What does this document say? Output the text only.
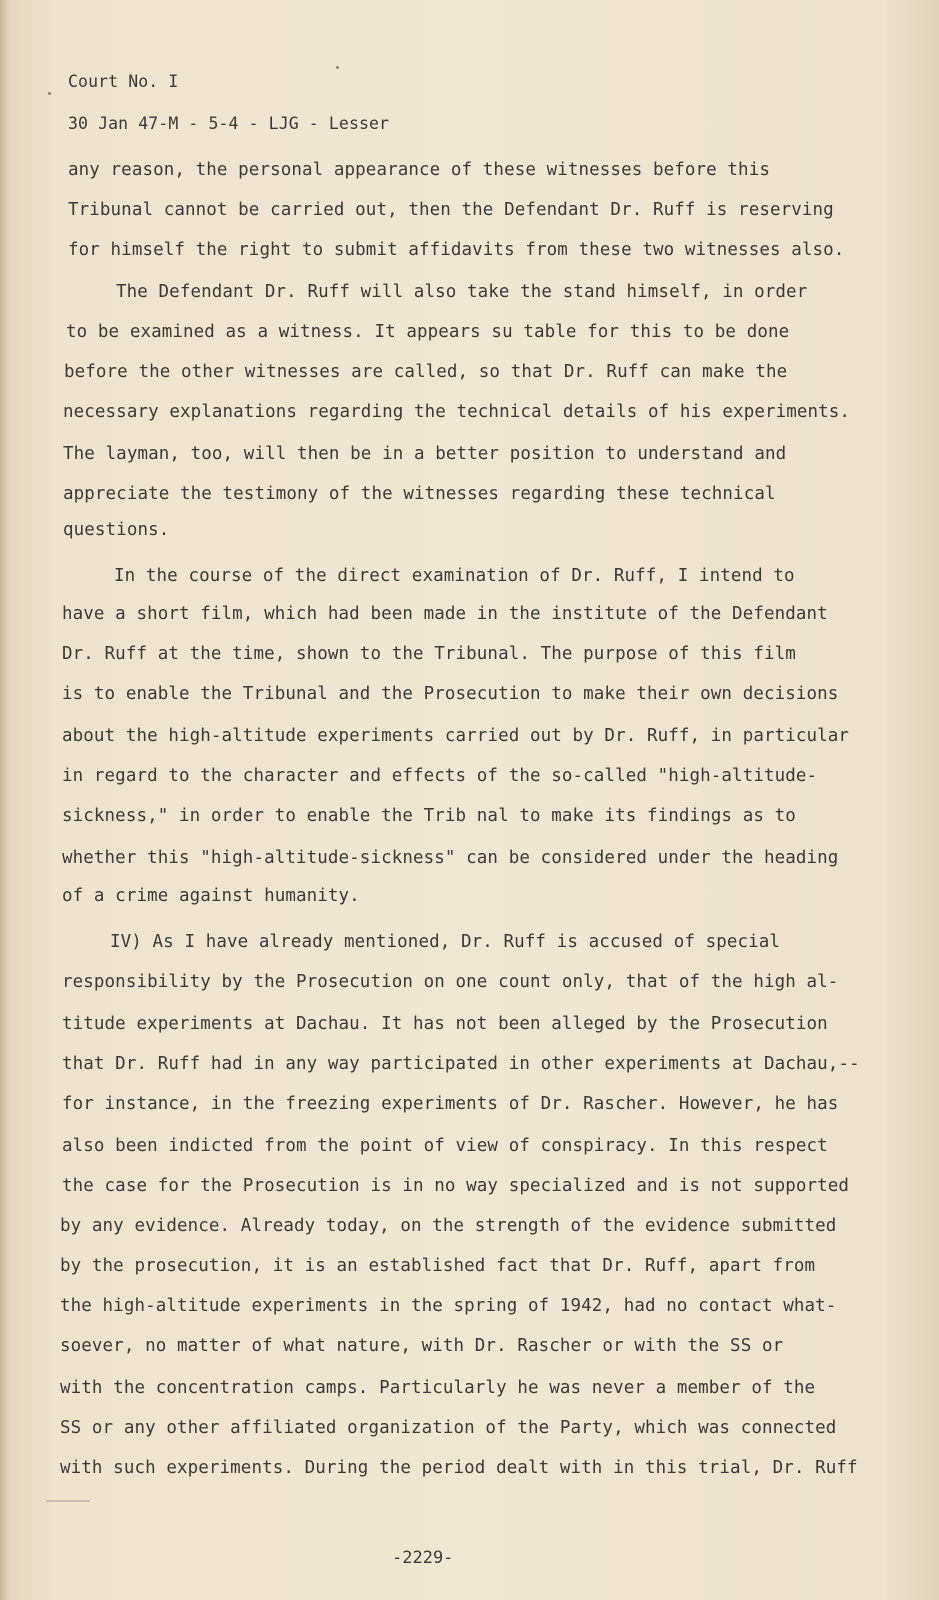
Court No. I

30 Jan 47-M - 5-4 - LJG - Lesser

any reason, the personal appearance of these witnesses before this

Tribunal cannot be carried out, then the Defendant Dr. Ruff is reserving

for himself the right to submit affidavits from these two witnesses also.

The Defendant Dr. Ruff will also take the stand himself, in order

to be examined as a witness. It appears su table for this to be done

before the other witnesses are called, so that Dr. Ruff can make the

necessary explanations regarding the technical details of his experiments.

The layman, too, will then be in a better position to understand and

appreciate the testimony of the witnesses regarding these technical

questions.

In the course of the direct examination of Dr. Ruff, I intend to

have a short film, which had been made in the institute of the Defendant

Dr. Ruff at the time, shown to the Tribunal. The purpose of this film

is to enable the Tribunal and the Prosecution to make their own decisions

about the high-altitude experiments carried out by Dr. Ruff, in particular

in regard to the character and effects of the so-called "high-altitude-

sickness," in order to enable the Trib nal to make its findings as to

whether this "high-altitude-sickness" can be considered under the heading

of a crime against humanity.

IV) As I have already mentioned, Dr. Ruff is accused of special

responsibility by the Prosecution on one count only, that of the high al-

titude experiments at Dachau. It has not been alleged by the Prosecution

that Dr. Ruff had in any way participated in other experiments at Dachau,--

for instance, in the freezing experiments of Dr. Rascher. However, he has

also been indicted from the point of view of conspiracy. In this respect

the case for the Prosecution is in no way specialized and is not supported

by any evidence. Already today, on the strength of the evidence submitted

by the prosecution, it is an established fact that Dr. Ruff, apart from

the high-altitude experiments in the spring of 1942, had no contact what-

soever, no matter of what nature, with Dr. Rascher or with the SS or

with the concentration camps. Particularly he was never a member of the

SS or any other affiliated organization of the Party, which was connected

with such experiments. During the period dealt with in this trial, Dr. Ruff

-2229-
